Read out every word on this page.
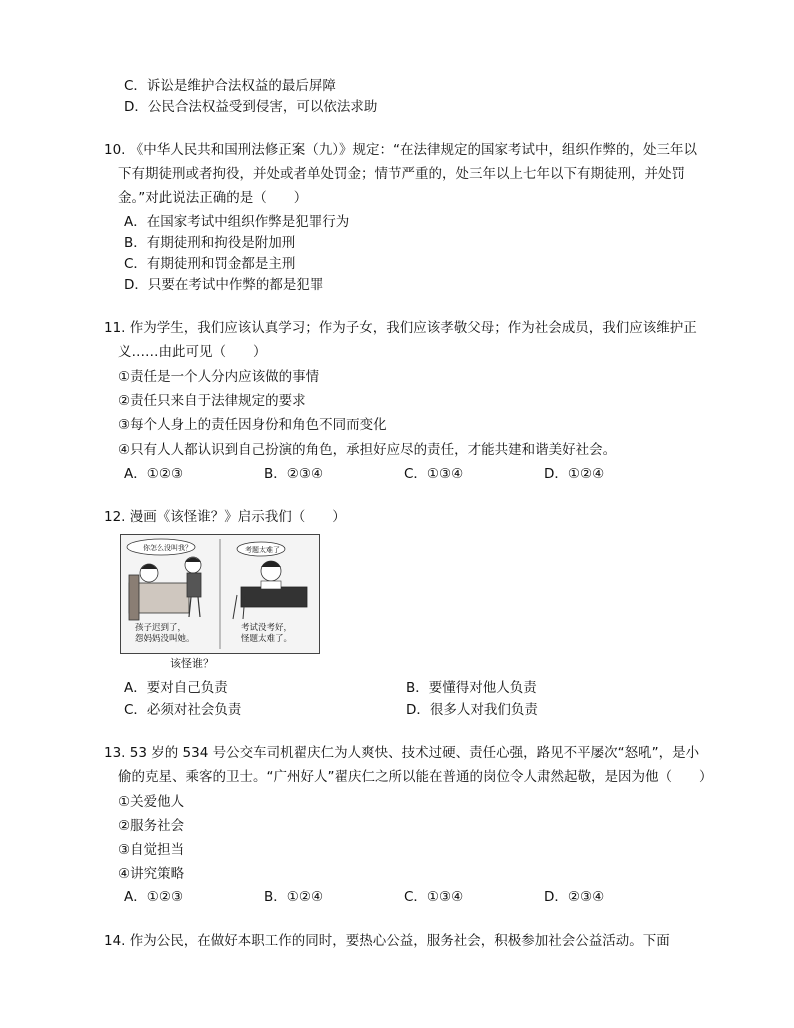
C．诉讼是维护合法权益的最后屏障
D．公民合法权益受到侵害，可以依法求助
10. 《中华人民共和国刑法修正案（九）》规定：“在法律规定的国家考试中，组织作弊的，处三年以
下有期徒刑或者拘役，并处或者单处罚金；情节严重的，处三年以上七年以下有期徒刑，并处罚
金。”对此说法正确的是（　　）
A．在国家考试中组织作弊是犯罪行为
B．有期徒刑和拘役是附加刑
C．有期徒刑和罚金都是主刑
D．只要在考试中作弊的都是犯罪
11. 作为学生，我们应该认真学习；作为子女，我们应该孝敬父母；作为社会成员，我们应该维护正
义……由此可见（　　）
①责任是一个人分内应该做的事情
②责任只来自于法律规定的要求
③每个人身上的责任因身份和角色不同而变化
④只有人人都认识到自己扮演的角色，承担好应尽的责任，才能共建和谐美好社会。
A．①②③	B．②③④	C．①③④	D．①②④
12. 漫画《该怪谁？》启示我们（　　）
你怎么没叫我？	考题太难了
孩子迟到了，
怨妈妈没叫她。
考试没考好，
怪题太难了。
该怪谁？
A．要对自己负责	B．要懂得对他人负责
C．必须对社会负责	D．很多人对我们负责
13. 53 岁的 534 号公交车司机翟庆仁为人爽快、技术过硬、责任心强，路见不平屡次“怒吼”，是小
偷的克星、乘客的卫士。“广州好人”翟庆仁之所以能在普通的岗位令人肃然起敬，是因为他（　　）
①关爱他人
②服务社会
③自觉担当
④讲究策略
A．①②③	B．①②④	C．①③④	D．②③④
14. 作为公民，在做好本职工作的同时，要热心公益，服务社会，积极参加社会公益活动。下面
